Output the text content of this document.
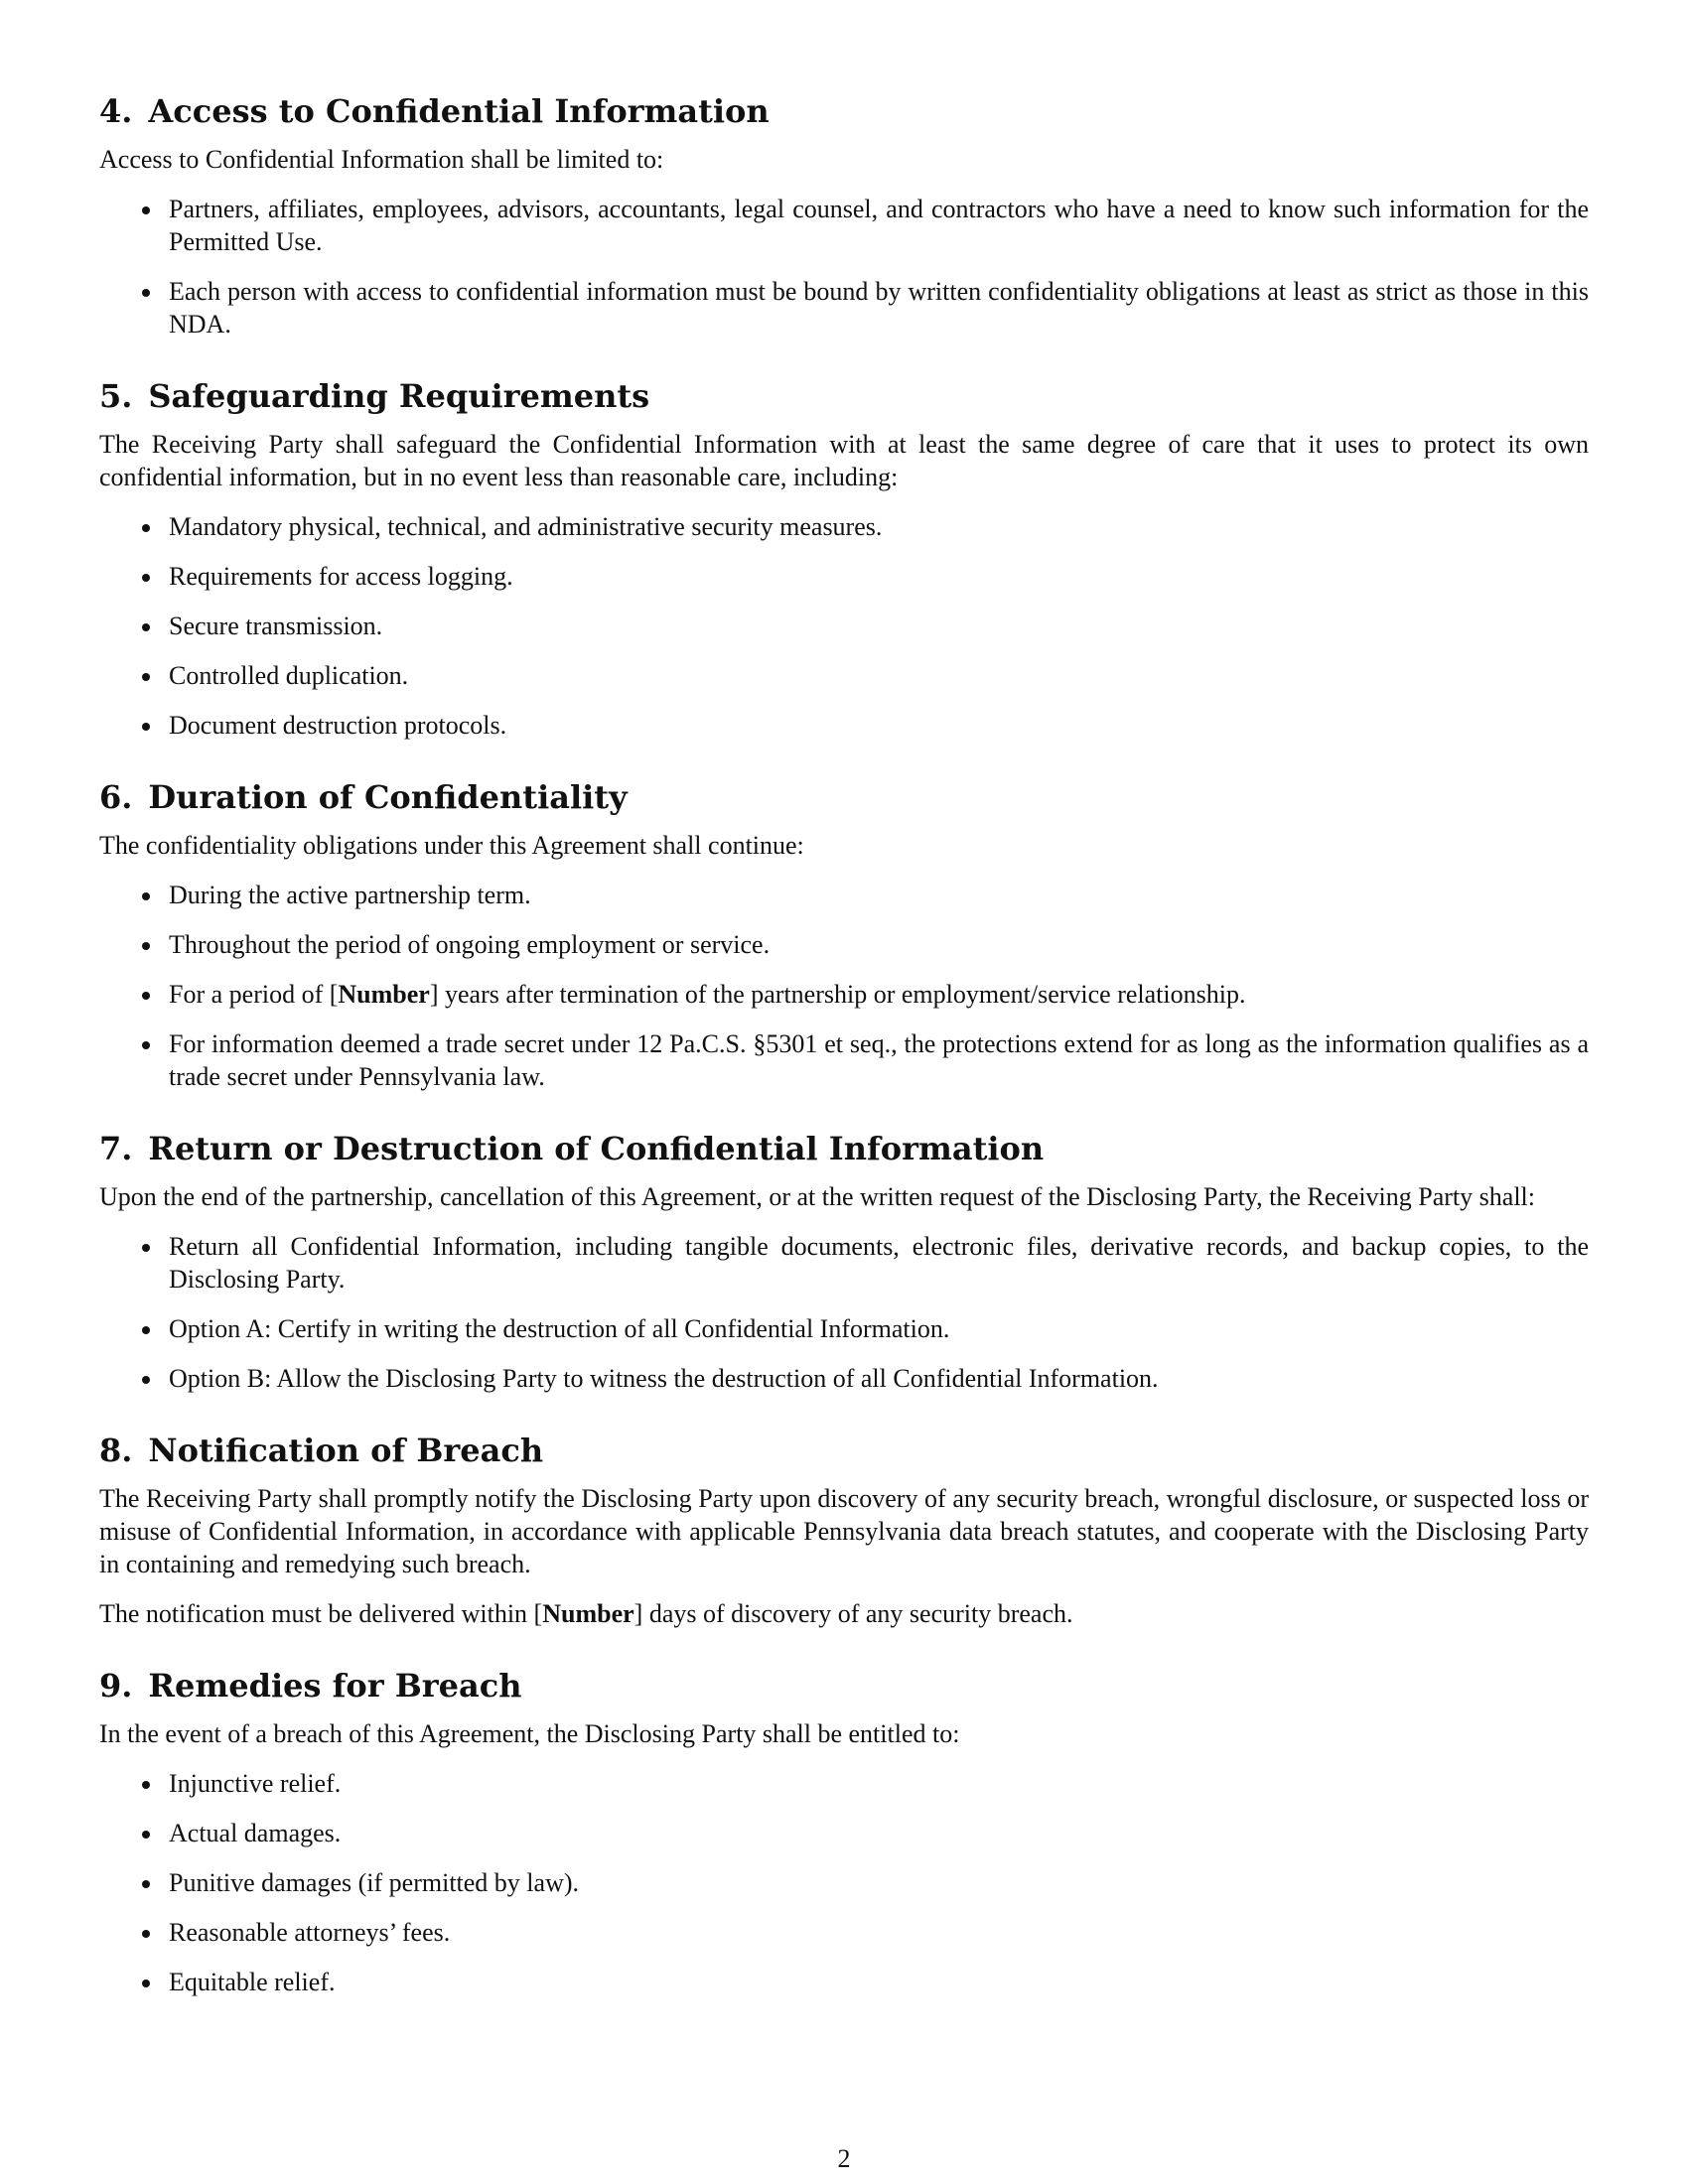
4. Access to Confidential Information

Access to Confidential Information shall be limited to:

Partners, affiliates, employees, advisors, accountants, legal counsel, and contractors who have a need to know such information for the Permitted Use.
Each person with access to confidential information must be bound by written confidentiality obligations at least as strict as those in this NDA.
5. Safeguarding Requirements

The Receiving Party shall safeguard the Confidential Information with at least the same degree of care that it uses to protect its own confidential information, but in no event less than reasonable care, including:

Mandatory physical, technical, and administrative security measures.
Requirements for access logging.
Secure transmission.
Controlled duplication.
Document destruction protocols.
6. Duration of Confidentiality

The confidentiality obligations under this Agreement shall continue:

During the active partnership term.
Throughout the period of ongoing employment or service.
For a period of [Number] years after termination of the partnership or employment/service relationship.
For information deemed a trade secret under 12 Pa.C.S. §5301 et seq., the protections extend for as long as the information qualifies as a trade secret under Pennsylvania law.
7. Return or Destruction of Confidential Information

Upon the end of the partnership, cancellation of this Agreement, or at the written request of the Disclosing Party, the Receiving Party shall:

Return all Confidential Information, including tangible documents, electronic files, derivative records, and backup copies, to the Disclosing Party.
Option A: Certify in writing the destruction of all Confidential Information.
Option B: Allow the Disclosing Party to witness the destruction of all Confidential Information.
8. Notification of Breach

The Receiving Party shall promptly notify the Disclosing Party upon discovery of any security breach, wrongful disclosure, or suspected loss or misuse of Confidential Information, in accordance with applicable Pennsylvania data breach statutes, and cooperate with the Disclosing Party in containing and remedying such breach.

The notification must be delivered within [Number] days of discovery of any security breach.

9. Remedies for Breach

In the event of a breach of this Agreement, the Disclosing Party shall be entitled to:

Injunctive relief.
Actual damages.
Punitive damages (if permitted by law).
Reasonable attorneys’ fees.
Equitable relief.
2
